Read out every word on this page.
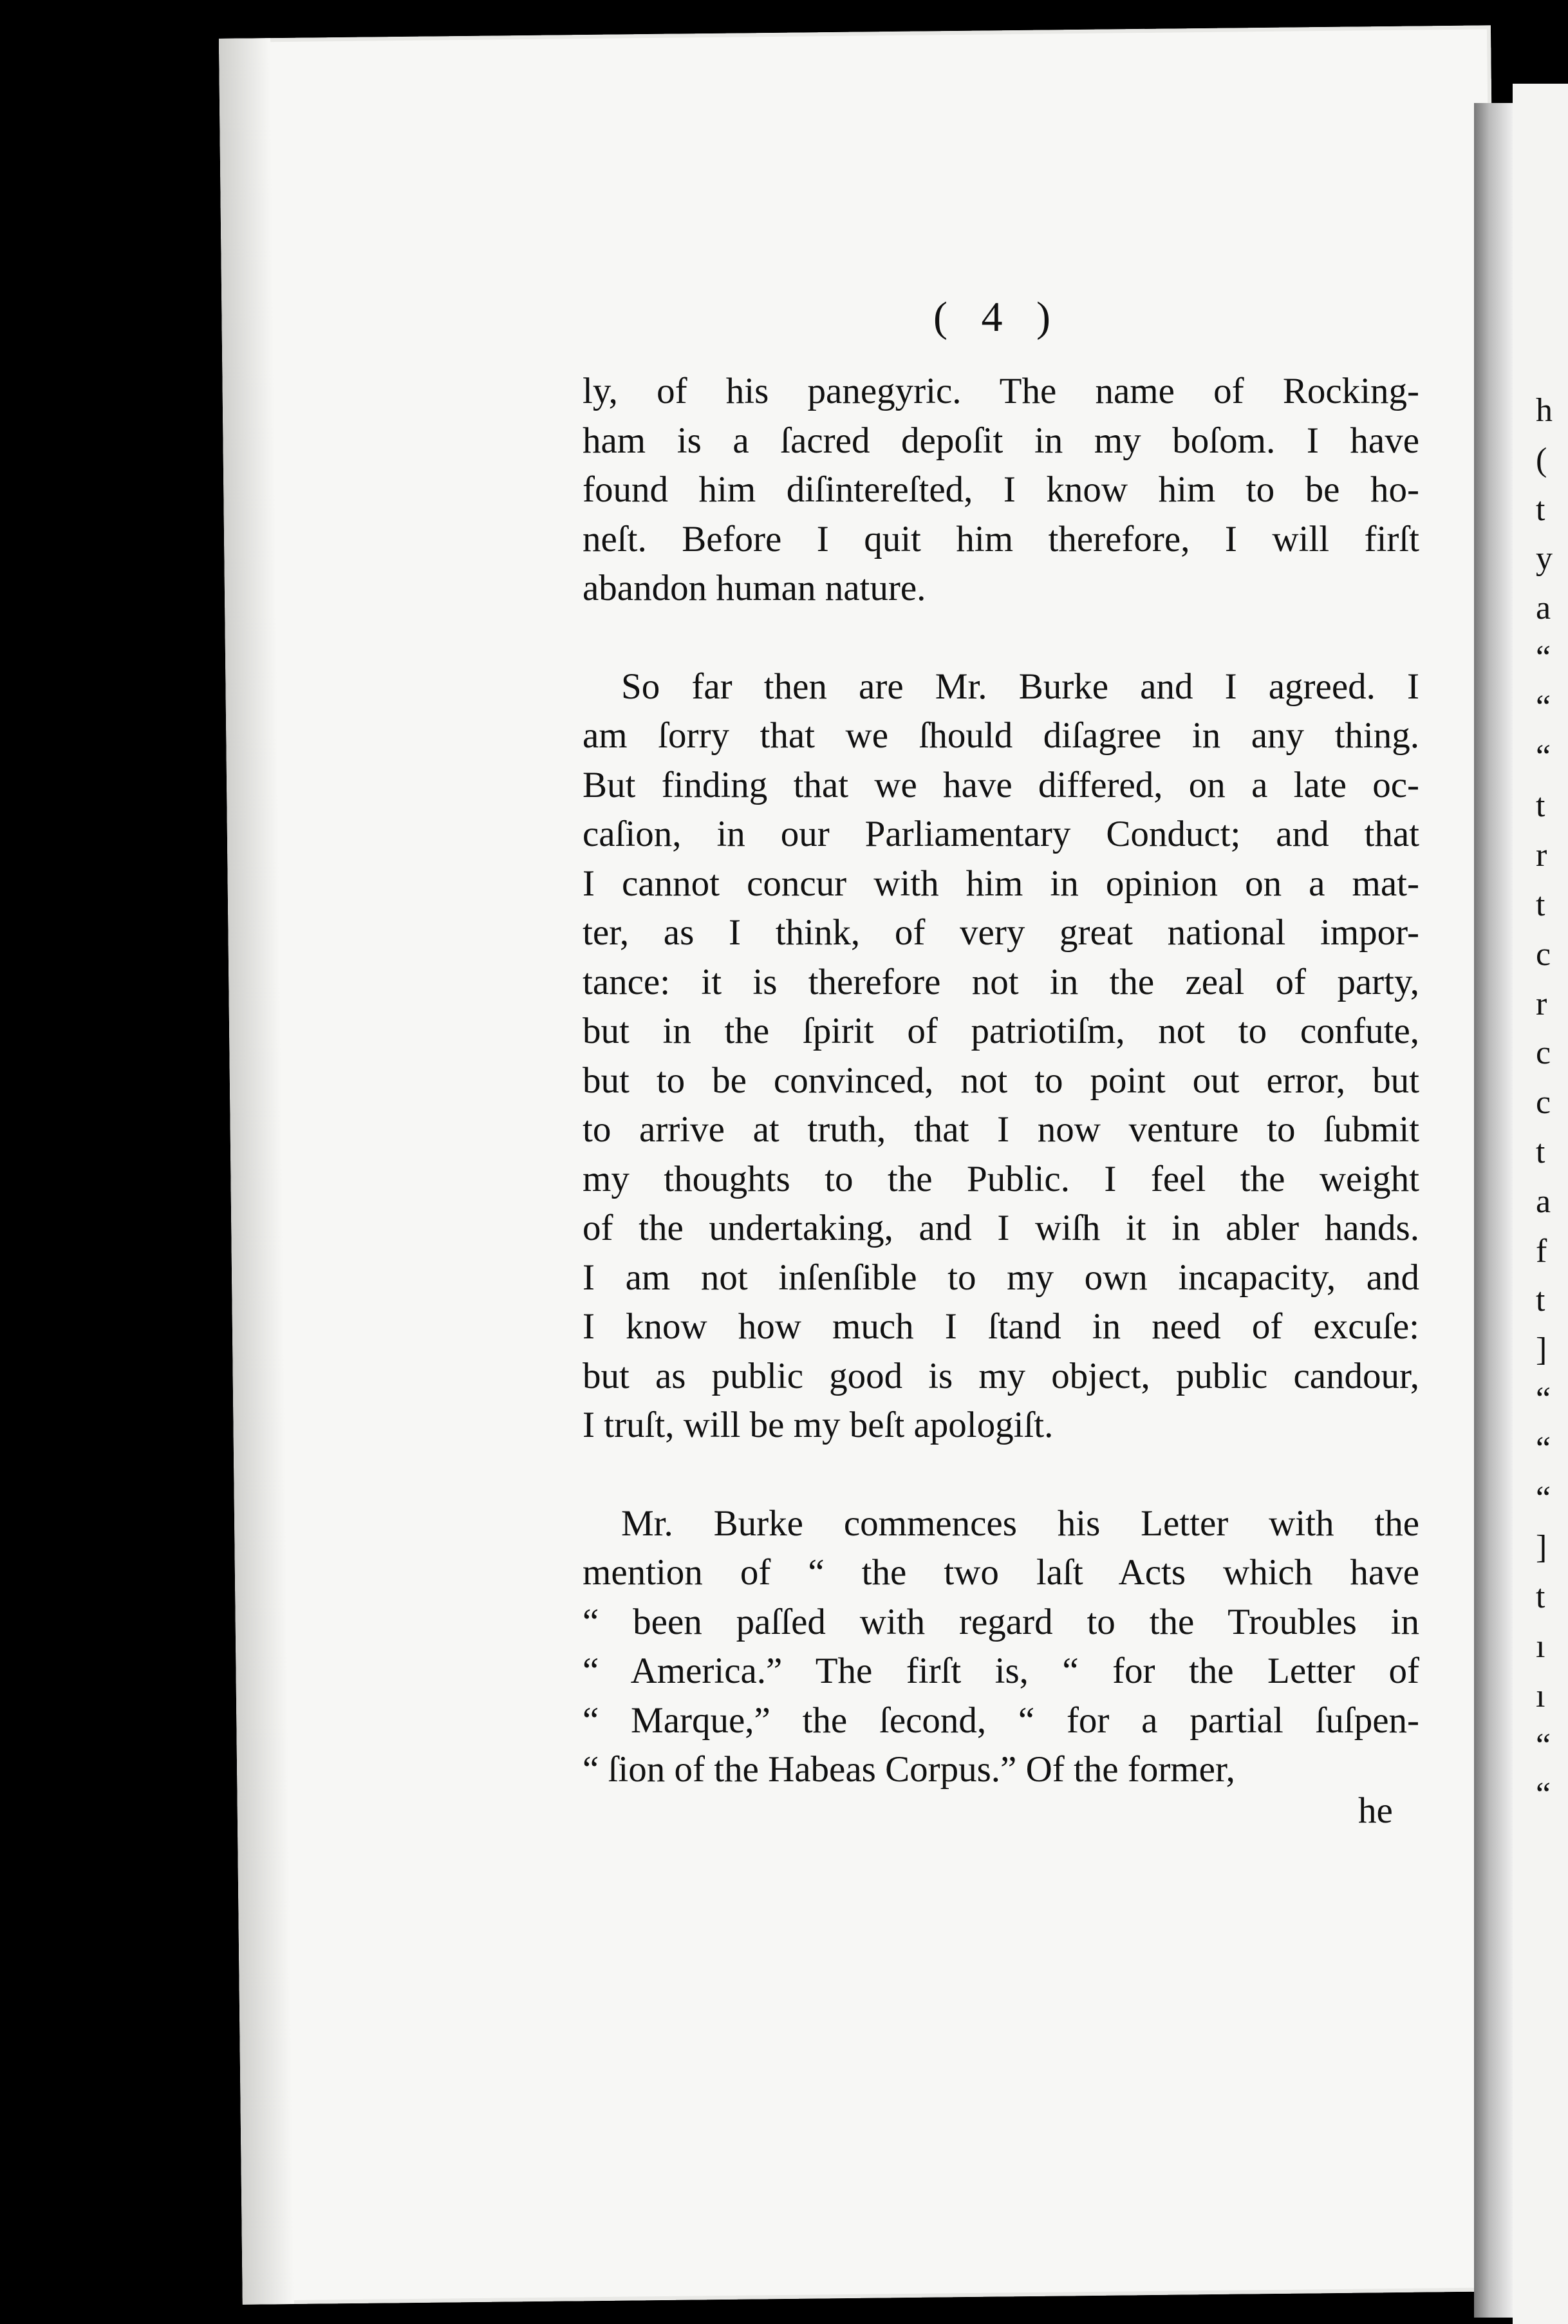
h
(
t
y
a
“
“
“
t
r
t
c
r
c
c
t
a
f
t
]
“
“
“
]
t
ı
ı
“
“
( 4 )
ly, of his panegyric. The name of Rocking-
ham is a ſacred depoſit in my boſom. I have
found him diſintereſted, I know him to be ho-
neſt. Before I quit him therefore, I will firſt
abandon human nature.
So far then are Mr. Burke and I agreed. I
am ſorry that we ſhould diſagree in any thing.
But finding that we have differed, on a late oc-
caſion, in our Parliamentary Conduct; and that
I cannot concur with him in opinion on a mat-
ter, as I think, of very great national impor-
tance: it is therefore not in the zeal of party,
but in the ſpirit of patriotiſm, not to confute,
but to be convinced, not to point out error, but
to arrive at truth, that I now venture to ſubmit
my thoughts to the Public. I feel the weight
of the undertaking, and I wiſh it in abler hands.
I am not inſenſible to my own incapacity, and
I know how much I ſtand in need of excuſe:
but as public good is my object, public candour,
I truſt, will be my beſt apologiſt.
Mr. Burke commences his Letter with the
mention of “ the two laſt Acts which have
“ been paſſed with regard to the Troubles in
“ America.” The firſt is, “ for the Letter of
“ Marque,” the ſecond, “ for a partial ſuſpen-
“ ſion of the Habeas Corpus.” Of the former,
he
